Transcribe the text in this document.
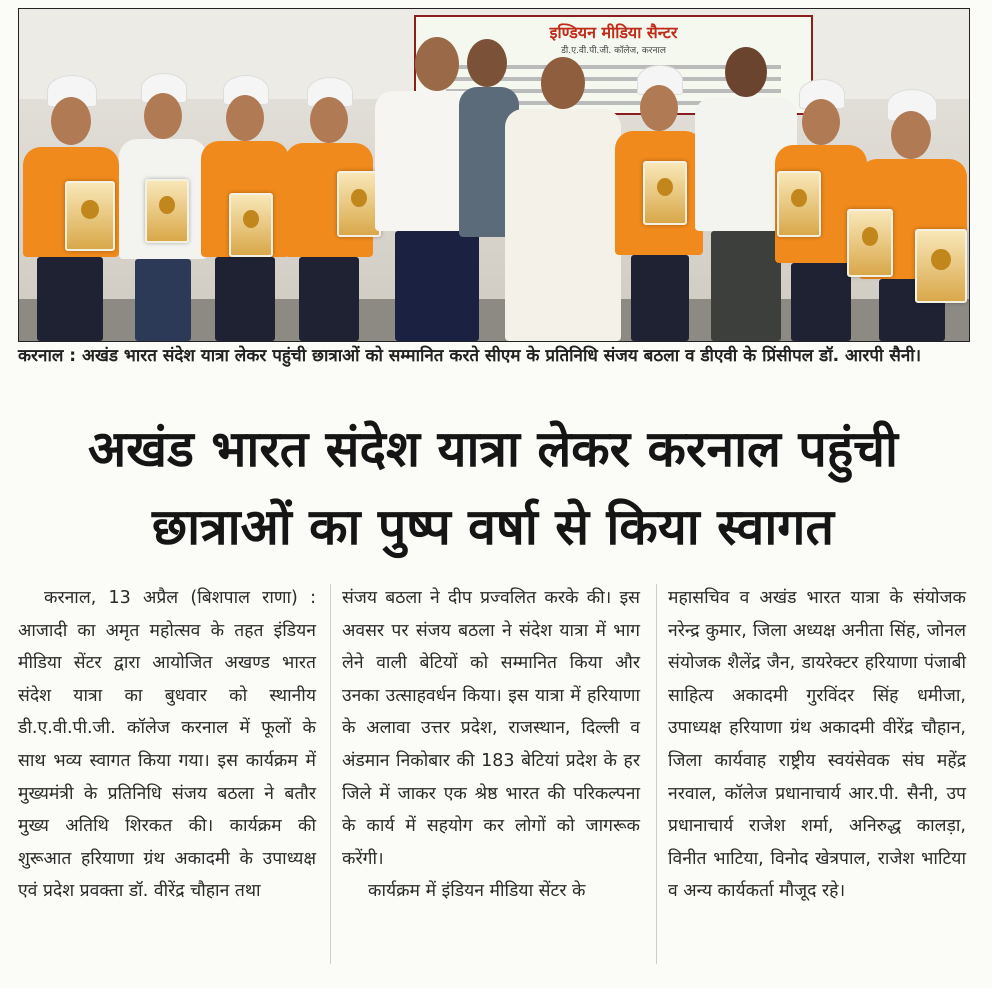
इण्डियन मीडिया सैन्टर
डी.ए.वी.पी.जी. कॉलेज, करनाल
करनाल : अखंड भारत संदेश यात्रा लेकर पहुंची छात्राओं को सम्मानित करते सीएम के प्रतिनिधि संजय बठला व डीएवी के प्रिंसीपल डॉ. आरपी सैनी।
अखंड भारत संदेश यात्रा लेकर करनाल पहुंची
छात्राओं का पुष्प वर्षा से किया स्वागत

करनाल, 13 अप्रैल (बिशपाल राणा) : आजादी का अमृत महोत्सव के तहत इंडियन मीडिया सेंटर द्वारा आयोजित अखण्ड भारत संदेश यात्रा का बुधवार को स्थानीय डी.ए.वी.पी.जी. कॉलेज करनाल में फूलों के साथ भव्य स्वागत किया गया। इस कार्यक्रम में मुख्यमंत्री के प्रतिनिधि संजय बठला ने बतौर मुख्य अतिथि शिरकत की। कार्यक्रम की शुरूआत हरियाणा ग्रंथ अकादमी के उपाध्यक्ष एवं प्रदेश प्रवक्ता डॉ. वीरेंद्र चौहान तथा

संजय बठला ने दीप प्रज्वलित करके की। इस अवसर पर संजय बठला ने संदेश यात्रा में भाग लेने वाली बेटियों को सम्मानित किया और उनका उत्साहवर्धन किया। इस यात्रा में हरियाणा के अलावा उत्तर प्रदेश, राजस्थान, दिल्ली व अंडमान निकोबार की 183 बेटियां प्रदेश के हर जिले में जाकर एक श्रेष्ठ भारत की परिकल्पना के कार्य में सहयोग कर लोगों को जागरूक करेंगी।

कार्यक्रम में इंडियन मीडिया सेंटर के

महासचिव व अखंड भारत यात्रा के संयोजक नरेन्द्र कुमार, जिला अध्यक्ष अनीता सिंह, जोनल संयोजक शैलेंद्र जैन, डायरेक्टर हरियाणा पंजाबी साहित्य अकादमी गुरविंदर सिंह धमीजा, उपाध्यक्ष हरियाणा ग्रंथ अकादमी वीरेंद्र चौहान, जिला कार्यवाह राष्ट्रीय स्वयंसेवक संघ महेंद्र नरवाल, कॉलेज प्रधानाचार्य आर.पी. सैनी, उप प्रधानाचार्य राजेश शर्मा, अनिरुद्ध कालड़ा, विनीत भाटिया, विनोद खेत्रपाल, राजेश भाटिया व अन्य कार्यकर्ता मौजूद रहे।
